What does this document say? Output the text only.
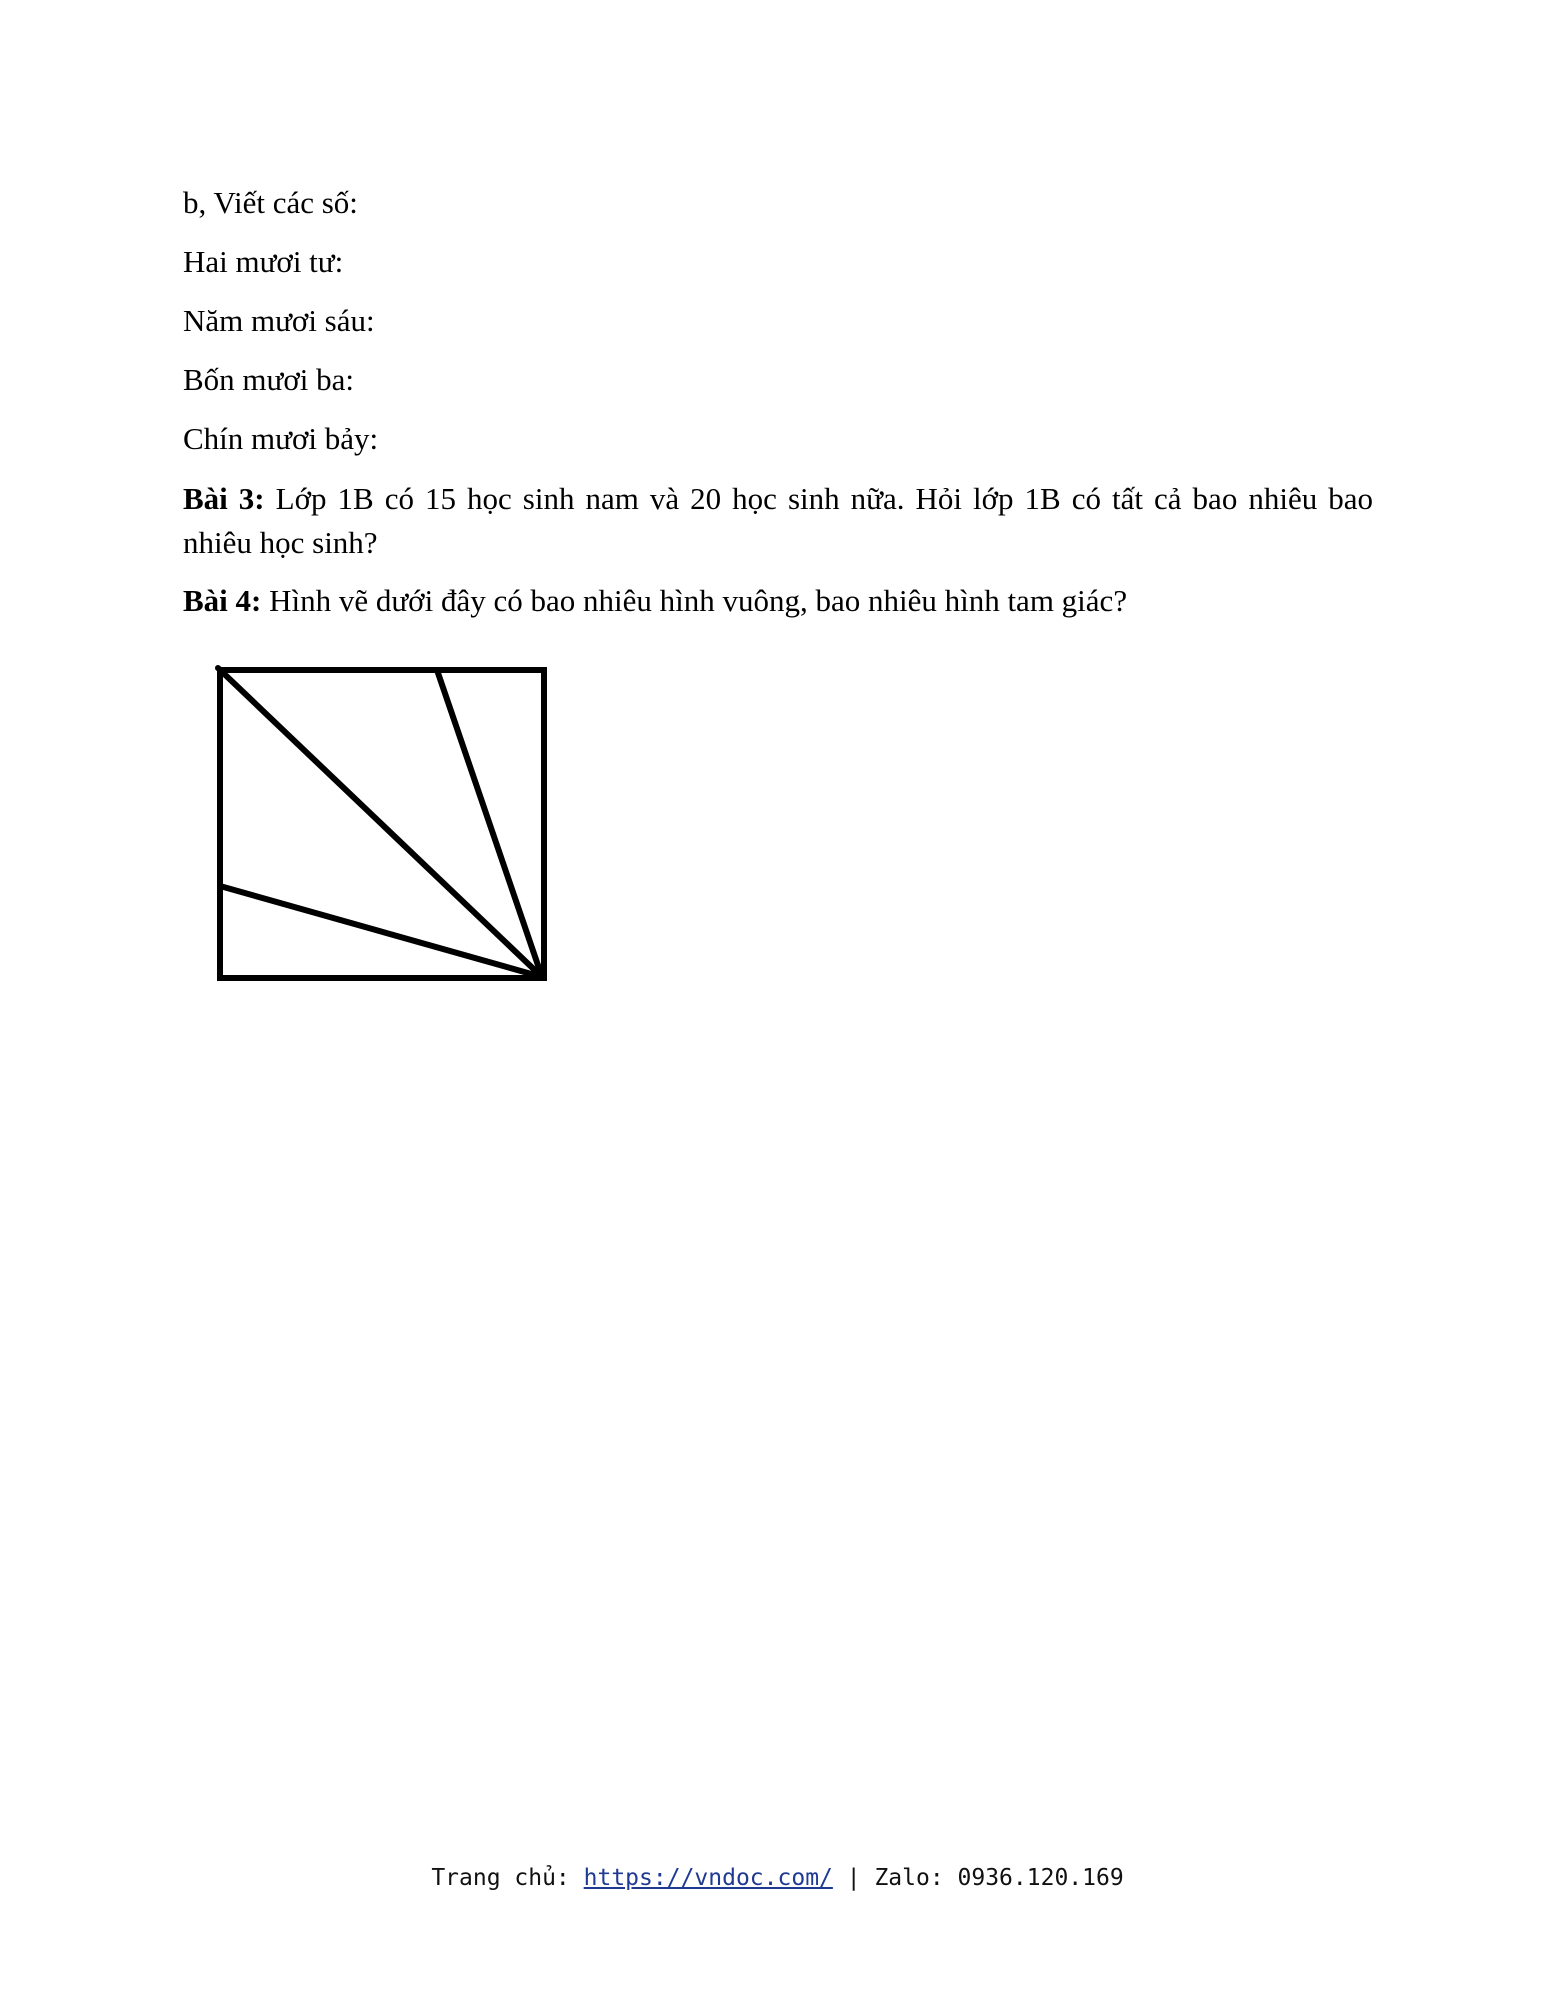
b, Viết các số:
Hai mươi tư:
Năm mươi sáu:
Bốn mươi ba:
Chín mươi bảy:
Bài 3: Lớp 1B có 15 học sinh nam và 20 học sinh nữa. Hỏi lớp 1B có tất cả bao nhiêu bao nhiêu học sinh?
Bài 4: Hình vẽ dưới đây có bao nhiêu hình vuông, bao nhiêu hình tam giác?
Trang chủ: https://vndoc.com/ | Zalo: 0936.120.169
